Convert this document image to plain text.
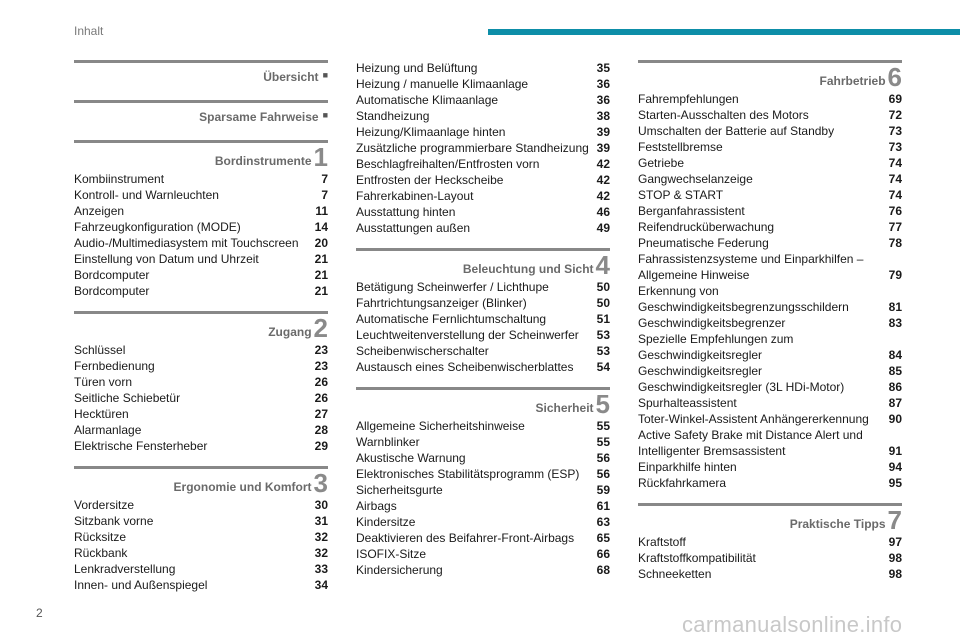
Inhalt
Übersicht ■
Sparsame Fahrweise ■
Bordinstrumente1
Kombiinstrument	7
Kontroll- und Warnleuchten	7
Anzeigen	11
Fahrzeugkonfiguration (MODE)	14
Audio-/Multimediasystem mit Touchscreen	20
Einstellung von Datum und Uhrzeit	21
Bordcomputer	21
Bordcomputer	21
Zugang2
Schlüssel	23
Fernbedienung	23
Türen vorn	26
Seitliche Schiebetür	26
Hecktüren	27
Alarmanlage	28
Elektrische Fensterheber	29
Ergonomie und Komfort3
Vordersitze	30
Sitzbank vorne	31
Rücksitze	32
Rückbank	32
Lenkradverstellung	33
Innen- und Außenspiegel	34
Heizung und Belüftung	35
Heizung / manuelle Klimaanlage	36
Automatische Klimaanlage	36
Standheizung	38
Heizung/Klimaanlage hinten	39
Zusätzliche programmierbare Standheizung 39
Beschlagfreihalten/Entfrosten vorn	42
Entfrosten der Heckscheibe	42
Fahrerkabinen-Layout	42
Ausstattung hinten	46
Ausstattungen außen	49
Beleuchtung und Sicht4
Betätigung Scheinwerfer / Lichthupe	50
Fahrtrichtungsanzeiger (Blinker)	50
Automatische Fernlichtumschaltung	51
Leuchtweitenverstellung der Scheinwerfer	53
Scheibenwischerschalter	53
Austausch eines Scheibenwischerblattes	54
Sicherheit5
Allgemeine Sicherheitshinweise	55
Warnblinker	55
Akustische Warnung	56
Elektronisches Stabilitätsprogramm (ESP)	56
Sicherheitsgurte	59
Airbags	61
Kindersitze	63
Deaktivieren des Beifahrer-Front-Airbags	65
ISOFIX-Sitze	66
Kindersicherung	68
Fahrbetrieb6
Fahrempfehlungen	69
Starten-Ausschalten des Motors	72
Umschalten der Batterie auf Standby	73
Feststellbremse	73
Getriebe	74
Gangwechselanzeige	74
STOP & START	74
Berganfahrassistent	76
Reifendrucküberwachung	77
Pneumatische Federung	78
Fahrassistenzsysteme und Einparkhilfen – Allgemeine Hinweise	79
Erkennung von Geschwindigkeitsbegrenzungsschildern	81
Geschwindigkeitsbegrenzer	83
Spezielle Empfehlungen zum Geschwindigkeitsregler	84
Geschwindigkeitsregler	85
Geschwindigkeitsregler (3L HDi-Motor)	86
Spurhalteassistent	87
Toter-Winkel-Assistent Anhängererkennung	90
Active Safety Brake mit Distance Alert und Intelligenter Bremsassistent	91
Einparkhilfe hinten	94
Rückfahrkamera	95
Praktische Tipps7
Kraftstoff	97
Kraftstoffkompatibilität	98
Schneeketten	98
2	carmanualsonline.info
